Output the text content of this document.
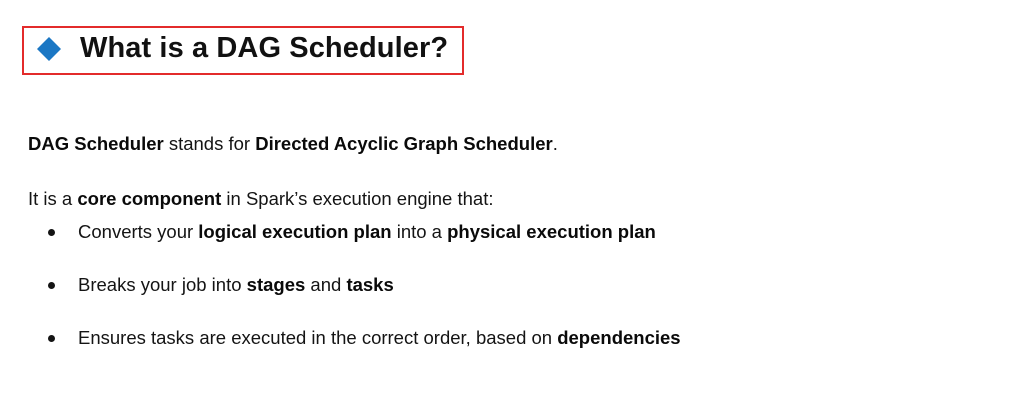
What is a DAG Scheduler?

DAG Scheduler stands for Directed Acyclic Graph Scheduler.

It is a core component in Spark’s execution engine that:

Converts your logical execution plan into a physical execution plan
Breaks your job into stages and tasks
Ensures tasks are executed in the correct order, based on dependencies
